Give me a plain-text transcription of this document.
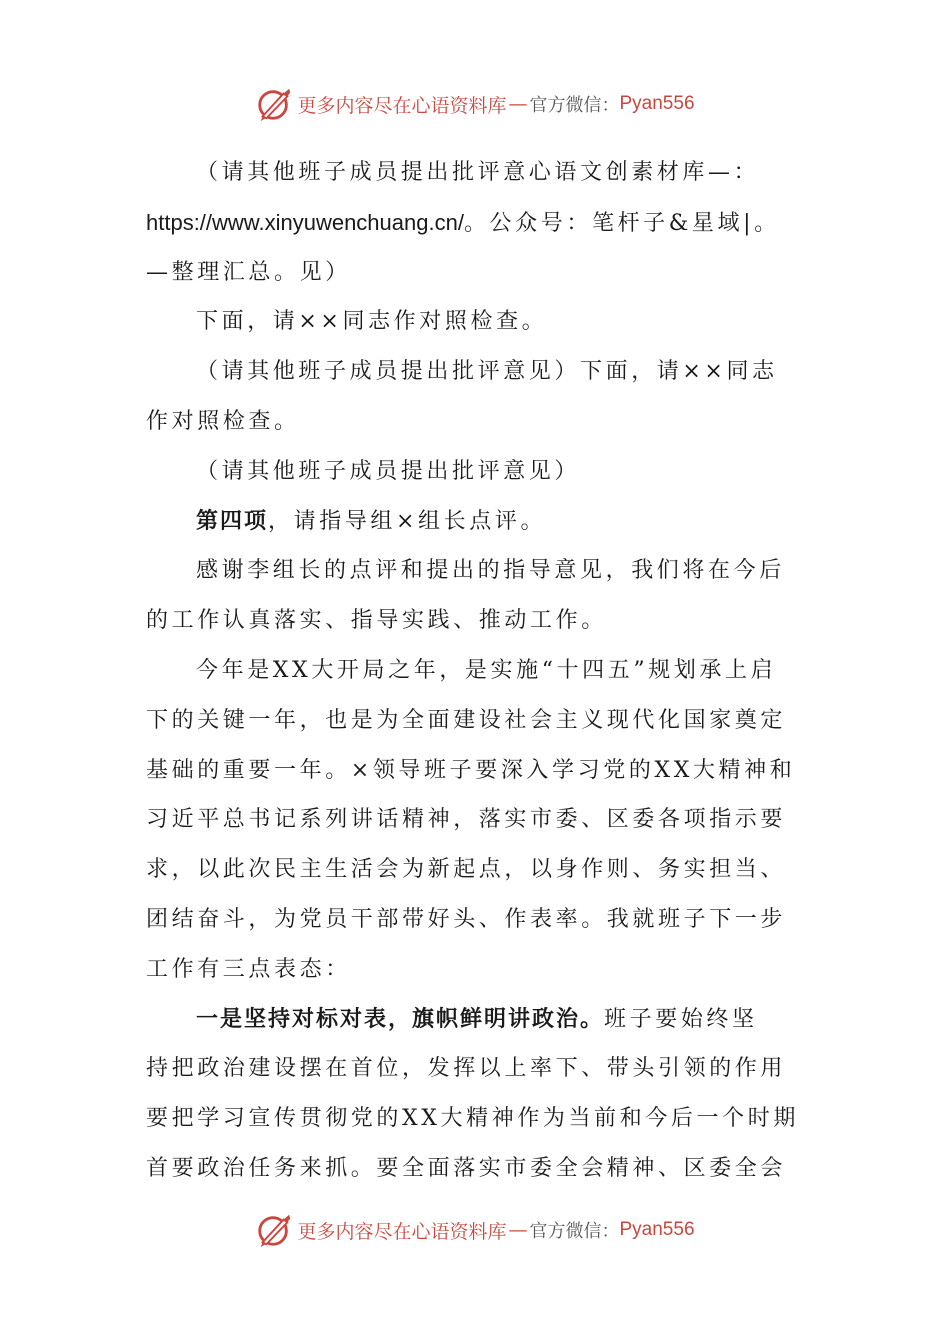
更多内容尽在心语资料库 — 官方微信： Pyan556
（请其他班子成员提出批评意心语文创素材库—：
https://www.xinyuwenchuang.cn/。公众号：笔杆子&星域|。
—整理汇总。见）
下面，请××同志作对照检查。
（请其他班子成员提出批评意见）下面，请××同志
作对照检查。
（请其他班子成员提出批评意见）
第四项，请指导组×组长点评。
感谢李组长的点评和提出的指导意见，我们将在今后
的工作认真落实、指导实践、推动工作。
今年是XX大开局之年，是实施“十四五”规划承上启
下的关键一年，也是为全面建设社会主义现代化国家奠定
基础的重要一年。×领导班子要深入学习党的XX大精神和
习近平总书记系列讲话精神，落实市委、区委各项指示要
求，以此次民主生活会为新起点，以身作则、务实担当、
团结奋斗，为党员干部带好头、作表率。我就班子下一步
工作有三点表态：
一是坚持对标对表，旗帜鲜明讲政治。班子要始终坚
持把政治建设摆在首位，发挥以上率下、带头引领的作用
要把学习宣传贯彻党的XX大精神作为当前和今后一个时期
首要政治任务来抓。要全面落实市委全会精神、区委全会
更多内容尽在心语资料库 — 官方微信： Pyan556
